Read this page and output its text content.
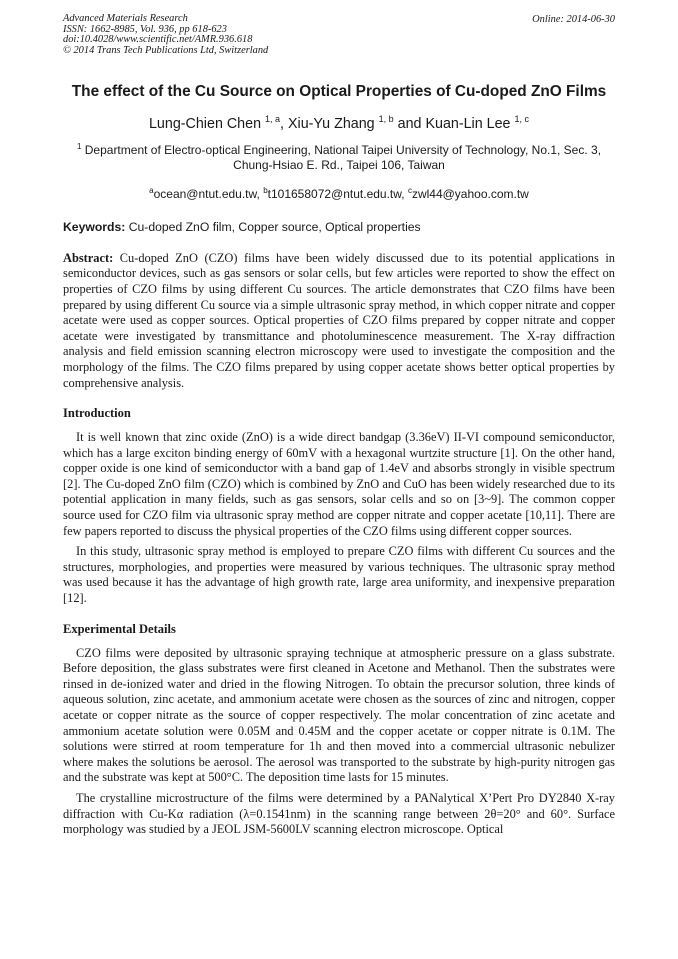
Advanced Materials Research
ISSN: 1662-8985, Vol. 936, pp 618-623
doi:10.4028/www.scientific.net/AMR.936.618
© 2014 Trans Tech Publications Ltd, Switzerland
Online: 2014-06-30
The effect of the Cu Source on Optical Properties of Cu-doped ZnO Films
Lung-Chien Chen $^{1, a}$, Xiu-Yu Zhang $^{1, b}$ and Kuan-Lin Lee $^{1, c}$
$^1$ Department of Electro-optical Engineering, National Taipei University of Technology, No.1, Sec. 3, Chung-Hsiao E. Rd., Taipei 106, Taiwan
$^a$ocean@ntut.edu.tw, $^b$t101658072@ntut.edu.tw, $^c$zwl44@yahoo.com.tw
Keywords: Cu-doped ZnO film, Copper source, Optical properties
Abstract: Cu-doped ZnO (CZO) films have been widely discussed due to its potential applications in semiconductor devices, such as gas sensors or solar cells, but few articles were reported to show the effect on properties of CZO films by using different Cu sources. The article demonstrates that CZO films have been prepared by using different Cu source via a simple ultrasonic spray method, in which copper nitrate and copper acetate were used as copper sources. Optical properties of CZO films prepared by copper nitrate and copper acetate were investigated by transmittance and photoluminescence measurement. The X-ray diffraction analysis and field emission scanning electron microscopy were used to investigate the composition and the morphology of the films. The CZO films prepared by using copper acetate shows better optical properties by comprehensive analysis.
Introduction
It is well known that zinc oxide (ZnO) is a wide direct bandgap (3.36eV) II-VI compound semiconductor, which has a large exciton binding energy of 60mV with a hexagonal wurtzite structure [1]. On the other hand, copper oxide is one kind of semiconductor with a band gap of 1.4eV and absorbs strongly in visible spectrum [2]. The Cu-doped ZnO film (CZO) which is combined by ZnO and CuO has been widely researched due to its potential application in many fields, such as gas sensors, solar cells and so on [3~9]. The common copper source used for CZO film via ultrasonic spray method are copper nitrate and copper acetate [10,11]. There are few papers reported to discuss the physical properties of the CZO films using different copper sources.
In this study, ultrasonic spray method is employed to prepare CZO films with different Cu sources and the structures, morphologies, and properties were measured by various techniques. The ultrasonic spray method was used because it has the advantage of high growth rate, large area uniformity, and inexpensive preparation [12].
Experimental Details
CZO films were deposited by ultrasonic spraying technique at atmospheric pressure on a glass substrate. Before deposition, the glass substrates were first cleaned in Acetone and Methanol. Then the substrates were rinsed in de-ionized water and dried in the flowing Nitrogen. To obtain the precursor solution, three kinds of aqueous solution, zinc acetate, and ammonium acetate were chosen as the sources of zinc and nitrogen, copper acetate or copper nitrate as the source of copper respectively. The molar concentration of zinc acetate and ammonium acetate solution were 0.05M and 0.45M and the copper acetate or copper nitrate is 0.1M. The solutions were stirred at room temperature for 1h and then moved into a commercial ultrasonic nebulizer where makes the solutions be aerosol. The aerosol was transported to the substrate by high-purity nitrogen gas and the substrate was kept at 500°C. The deposition time lasts for 15 minutes.
The crystalline microstructure of the films were determined by a PANalytical X’Pert Pro DY2840 X-ray diffraction with Cu-Kα radiation (λ=0.1541nm) in the scanning range between 2θ=20° and 60°. Surface morphology was studied by a JEOL JSM-5600LV scanning electron microscope. Optical
